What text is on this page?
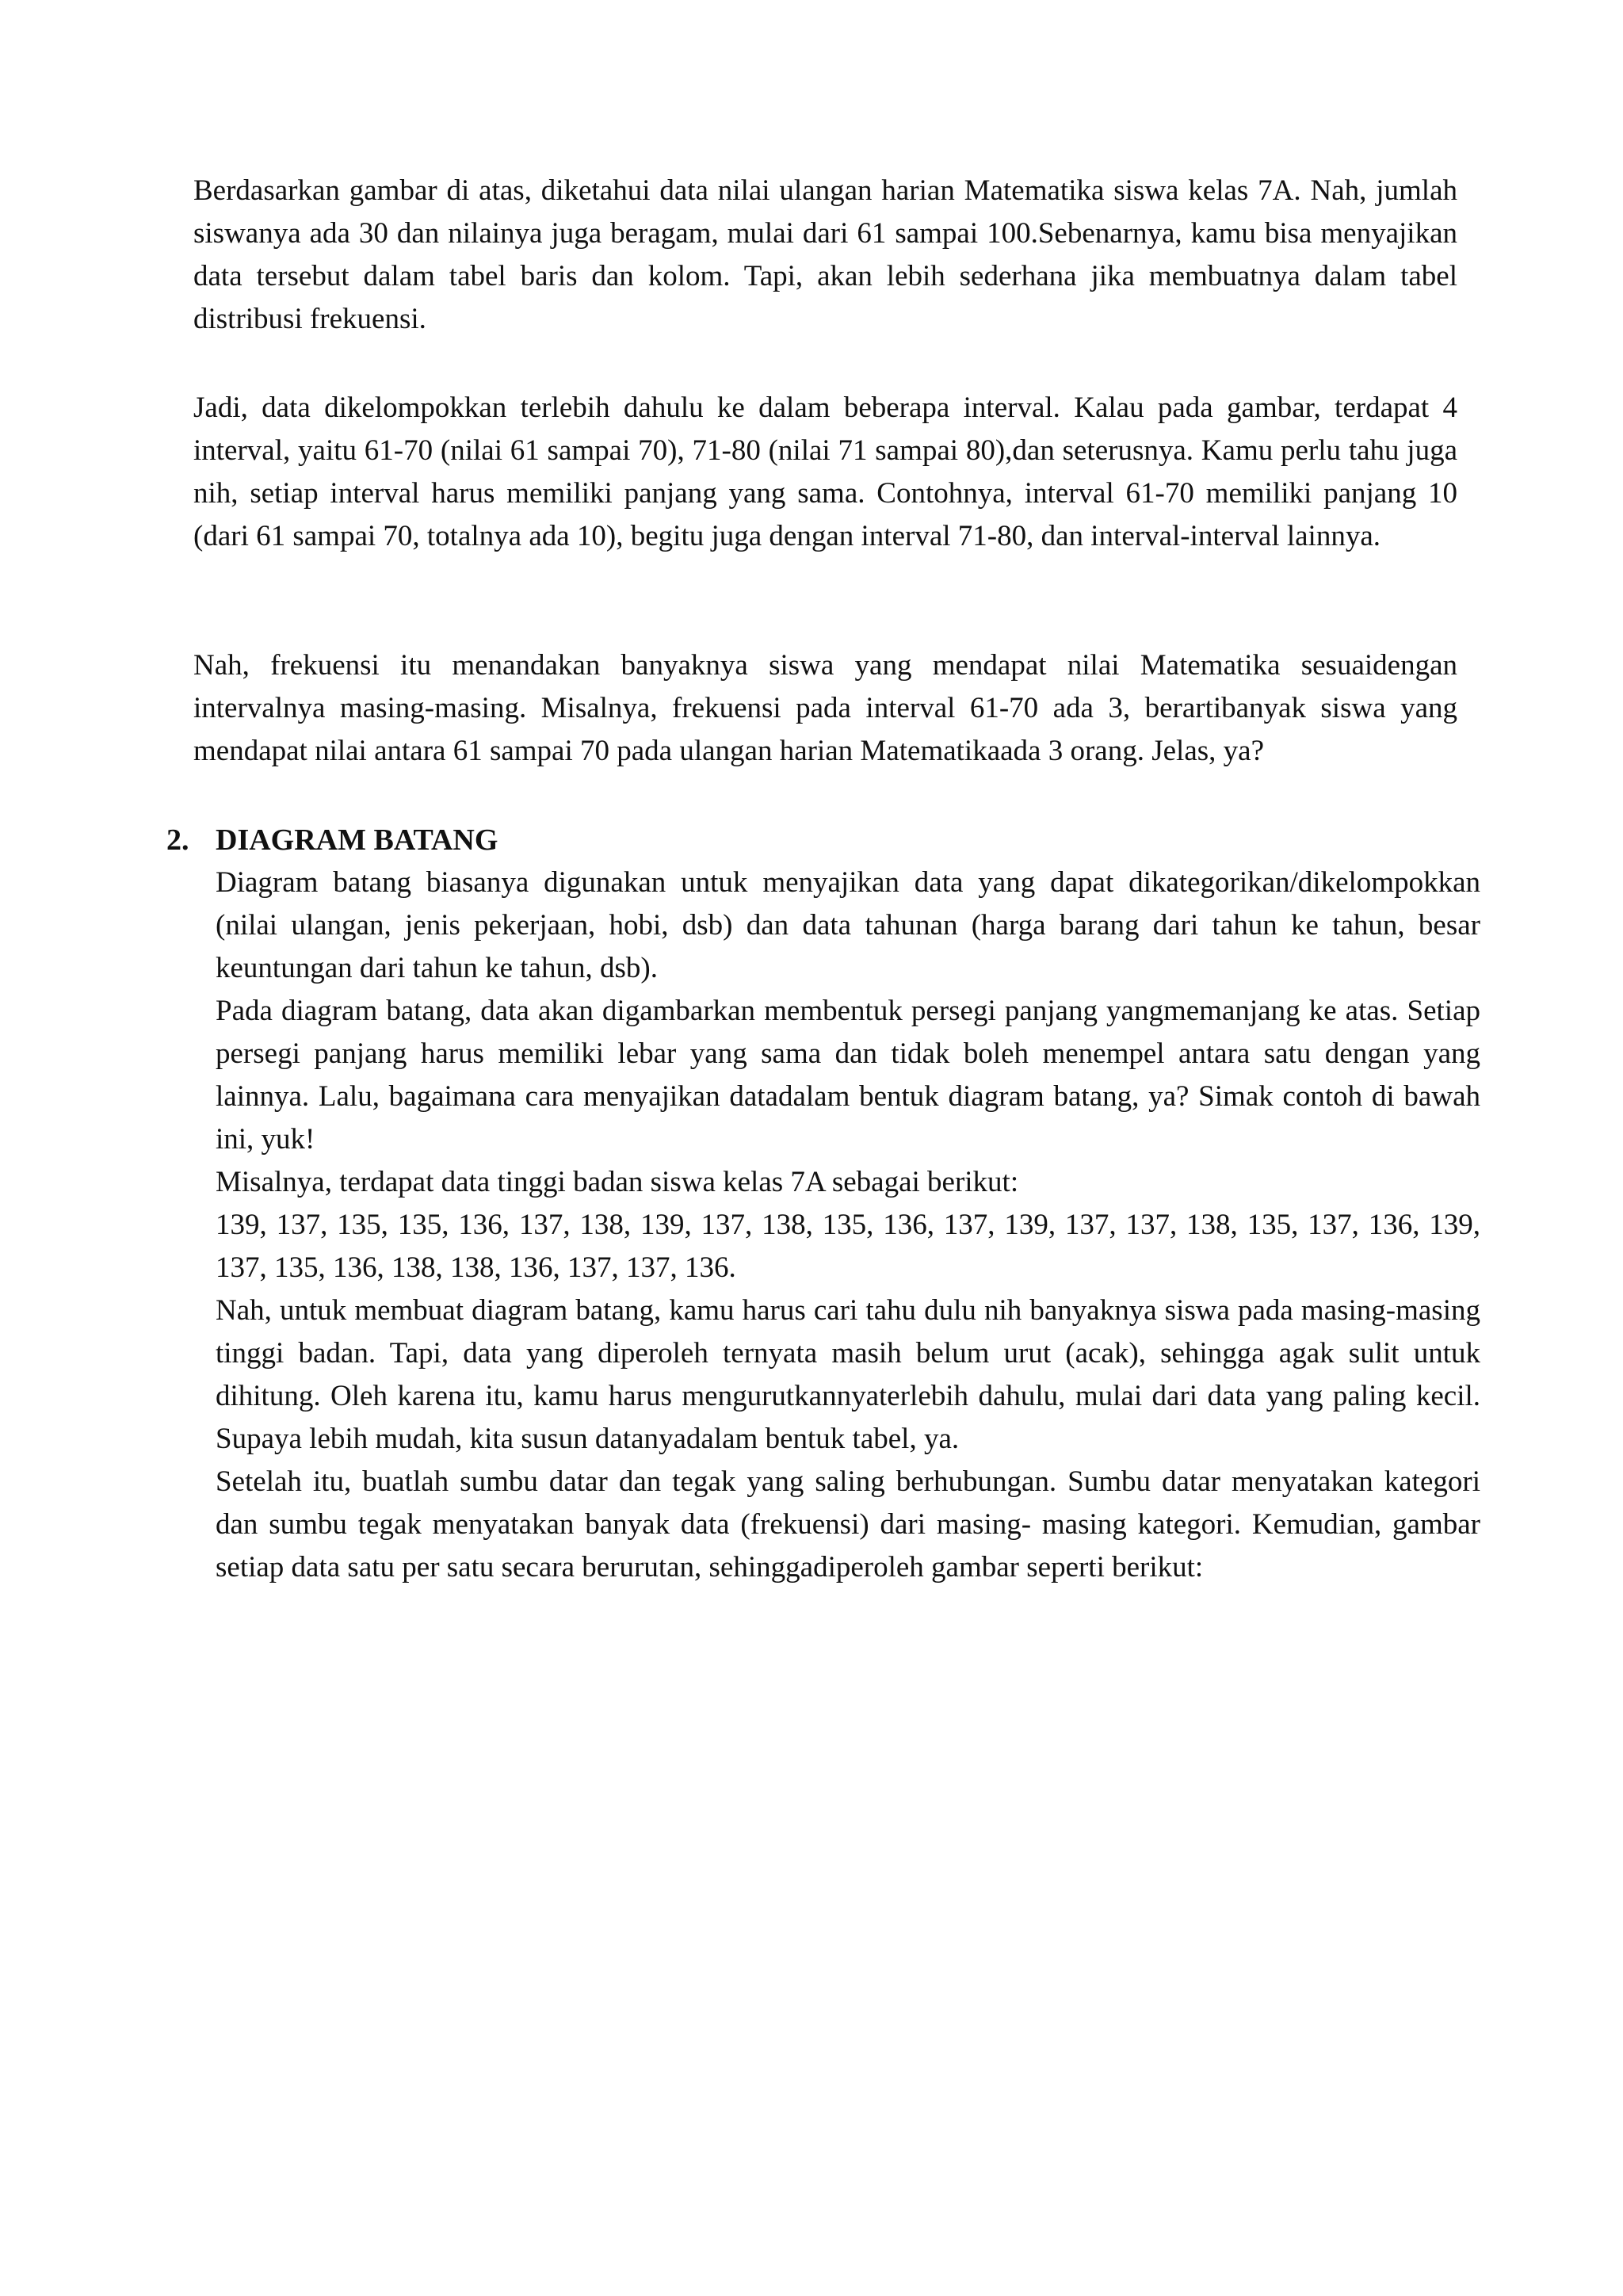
Berdasarkan gambar di atas, diketahui data nilai ulangan harian Matematika siswa kelas 7A. Nah, jumlah siswanya ada 30 dan nilainya juga beragam, mulai dari 61 sampai 100.Sebenarnya, kamu bisa menyajikan data tersebut dalam tabel baris dan kolom. Tapi, akan lebih sederhana jika membuatnya dalam tabel distribusi frekuensi.

Jadi, data dikelompokkan terlebih dahulu ke dalam beberapa interval. Kalau pada gambar, terdapat 4 interval, yaitu 61-70 (nilai 61 sampai 70), 71-80 (nilai 71 sampai 80),dan seterusnya. Kamu perlu tahu juga nih, setiap interval harus memiliki panjang yang sama. Contohnya, interval 61-70 memiliki panjang 10 (dari 61 sampai 70, totalnya ada 10), begitu juga dengan interval 71-80, dan interval-interval lainnya.

Nah, frekuensi itu menandakan banyaknya siswa yang mendapat nilai Matematika sesuaidengan intervalnya masing-masing. Misalnya, frekuensi pada interval 61-70 ada 3, berartibanyak siswa yang mendapat nilai antara 61 sampai 70 pada ulangan harian Matematikaada 3 orang. Jelas, ya?

2. DIAGRAM BATANG

Diagram batang biasanya digunakan untuk menyajikan data yang dapat dikategorikan/dikelompokkan (nilai ulangan, jenis pekerjaan, hobi, dsb) dan data tahunan (harga barang dari tahun ke tahun, besar keuntungan dari tahun ke tahun, dsb).

Pada diagram batang, data akan digambarkan membentuk persegi panjang yangmemanjang ke atas. Setiap persegi panjang harus memiliki lebar yang sama dan tidak boleh menempel antara satu dengan yang lainnya. Lalu, bagaimana cara menyajikan datadalam bentuk diagram batang, ya? Simak contoh di bawah ini, yuk!

Misalnya, terdapat data tinggi badan siswa kelas 7A sebagai berikut:

139, 137, 135, 135, 136, 137, 138, 139, 137, 138, 135, 136, 137, 139, 137, 137, 138, 135, 137, 136, 139, 137, 135, 136, 138, 138, 136, 137, 137, 136.

Nah, untuk membuat diagram batang, kamu harus cari tahu dulu nih banyaknya siswa pada masing-masing tinggi badan. Tapi, data yang diperoleh ternyata masih belum urut (acak), sehingga agak sulit untuk dihitung. Oleh karena itu, kamu harus mengurutkannyaterlebih dahulu, mulai dari data yang paling kecil. Supaya lebih mudah, kita susun datanyadalam bentuk tabel, ya.

Setelah itu, buatlah sumbu datar dan tegak yang saling berhubungan. Sumbu datar menyatakan kategori dan sumbu tegak menyatakan banyak data (frekuensi) dari masing- masing kategori. Kemudian, gambar setiap data satu per satu secara berurutan, sehinggadiperoleh gambar seperti berikut:
